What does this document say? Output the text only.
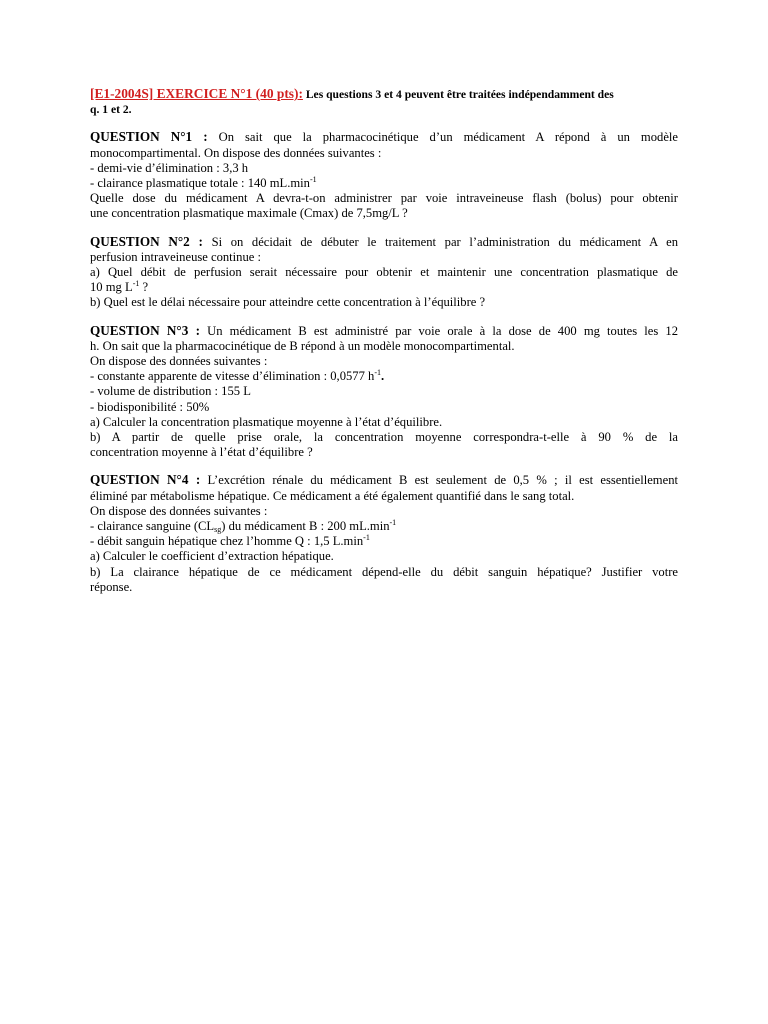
[E1-2004S] EXERCICE N°1 (40 pts): Les questions 3 et 4 peuvent être traitées indépendamment des
q. 1 et 2.
QUESTION N°1 : On sait que la pharmacocinétique d’un médicament A répond à un modèle
monocompartimental. On dispose des données suivantes :
- demi-vie d’élimination : 3,3 h
- clairance plasmatique totale : 140 $mL.\min^{-1}$
Quelle dose du médicament A devra-t-on administrer par voie intraveineuse flash (bolus) pour obtenir
une concentration plasmatique maximale (Cmax) de 7,5mg/L ?
QUESTION N°2 : Si on décidait de débuter le traitement par l’administration du médicament A en
perfusion intraveineuse continue :
a) Quel débit de perfusion serait nécessaire pour obtenir et maintenir une concentration plasmatique de
10 mg $L^{-1}$ ?
b) Quel est le délai nécessaire pour atteindre cette concentration à l’équilibre ?
QUESTION N°3 : Un médicament B est administré par voie orale à la dose de 400 mg toutes les 12
h. On sait que la pharmacocinétique de B répond à un modèle monocompartimental.
On dispose des données suivantes :
- constante apparente de vitesse d’élimination : 0,0577 $h^{-1}$.
- volume de distribution : 155 L
- biodisponibilité : 50%
a) Calculer la concentration plasmatique moyenne à l’état d’équilibre.
b) A partir de quelle prise orale, la concentration moyenne correspondra-t-elle à 90 % de la
concentration moyenne à l’état d’équilibre ?
QUESTION N°4 : L’excrétion rénale du médicament B est seulement de 0,5 % ; il est essentiellement
éliminé par métabolisme hépatique. Ce médicament a été également quantifié dans le sang total.
On dispose des données suivantes :
- clairance sanguine $(CL_{sg})$ du médicament B : 200 $mL.\min^{-1}$
- débit sanguin hépatique chez l’homme Q : 1,5 $L.\min^{-1}$
a) Calculer le coefficient d’extraction hépatique.
b) La clairance hépatique de ce médicament dépend-elle du débit sanguin hépatique? Justifier votre
réponse.
